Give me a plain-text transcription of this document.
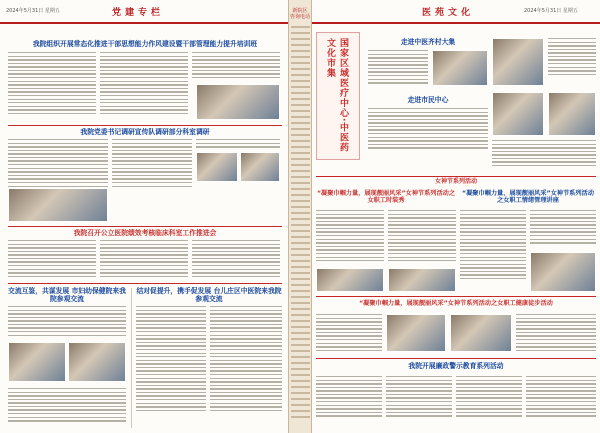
2024年5月31日 星期五	党建专栏
我院组织开展常态化推进干部思想能力作风建设暨干部管理能力提升培训班
我院党委书记调研宣传队调研部分科室调研
我院召开公立医院绩效考核临床科室工作推进会
交流互鉴，共谋发展 市妇幼保健院来我院参观交流
结对促提升，携手促发展 台儿庄区中医院来我院参观交流
新院区 咨询电话	医苑文化	2024年5月31日 星期五
国家区域医疗中心·中医药文化市集	走进中医齐村大集
走进市民中心
女神节系列活动
“凝聚巾帼力量，展现靓丽风采”女神节系列活动之女职工时装秀
“凝聚巾帼力量，展现靓丽风采”女神节系列活动之女职工情绪管理讲座
“凝聚巾帼力量，展现靓丽风采”女神节系列活动之女职工健康徒步活动
我院开展廉政警示教育系列活动
